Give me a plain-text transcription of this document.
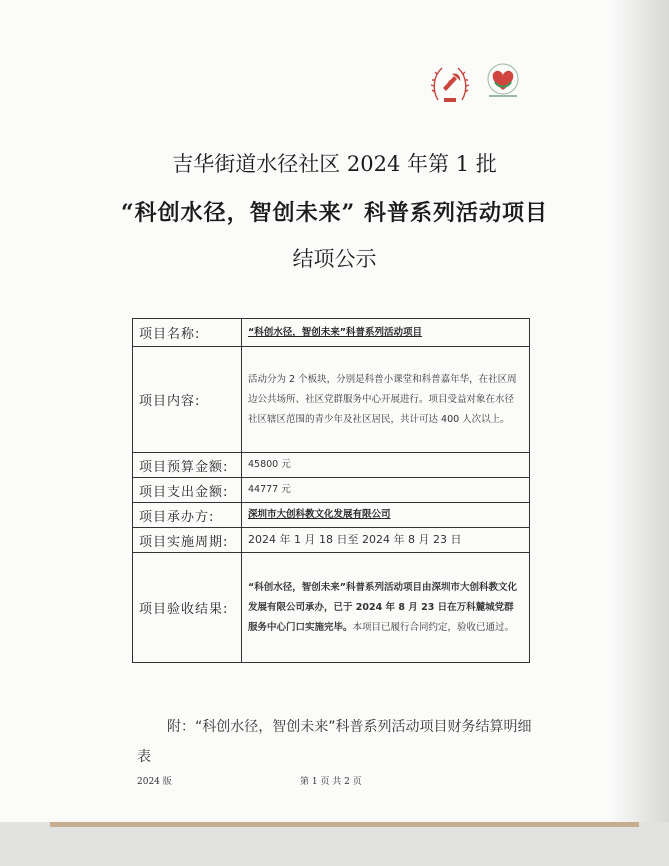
吉华街道水径社区 2024 年第 1 批
“科创水径，智创未来” 科普系列活动项目
结项公示
项目名称:	“科创水径，智创未来”科普系列活动项目
项目内容:	活动分为 2 个板块，分别是科普小课堂和科普嘉年华，在社区周边公共场所、社区党群服务中心开展进行。项目受益对象在水径社区辖区范围的青少年及社区居民，共计可达 400 人次以上。
项目预算金额:	45800 元
项目支出金额:	44777 元
项目承办方:	深圳市大创科教文化发展有限公司
项目实施周期:	2024 年 1 月 18 日至 2024 年 8 月 23 日
项目验收结果:	“科创水径，智创未来”科普系列活动项目由深圳市大创科教文化发展有限公司承办，已于 2024 年 8 月 23 日在万科麓城党群服务中心门口实施完毕。本项目已履行合同约定，验收已通过。
附：“科创水径，智创未来”科普系列活动项目财务结算明细表
2024 版	第 1 页 共 2 页
